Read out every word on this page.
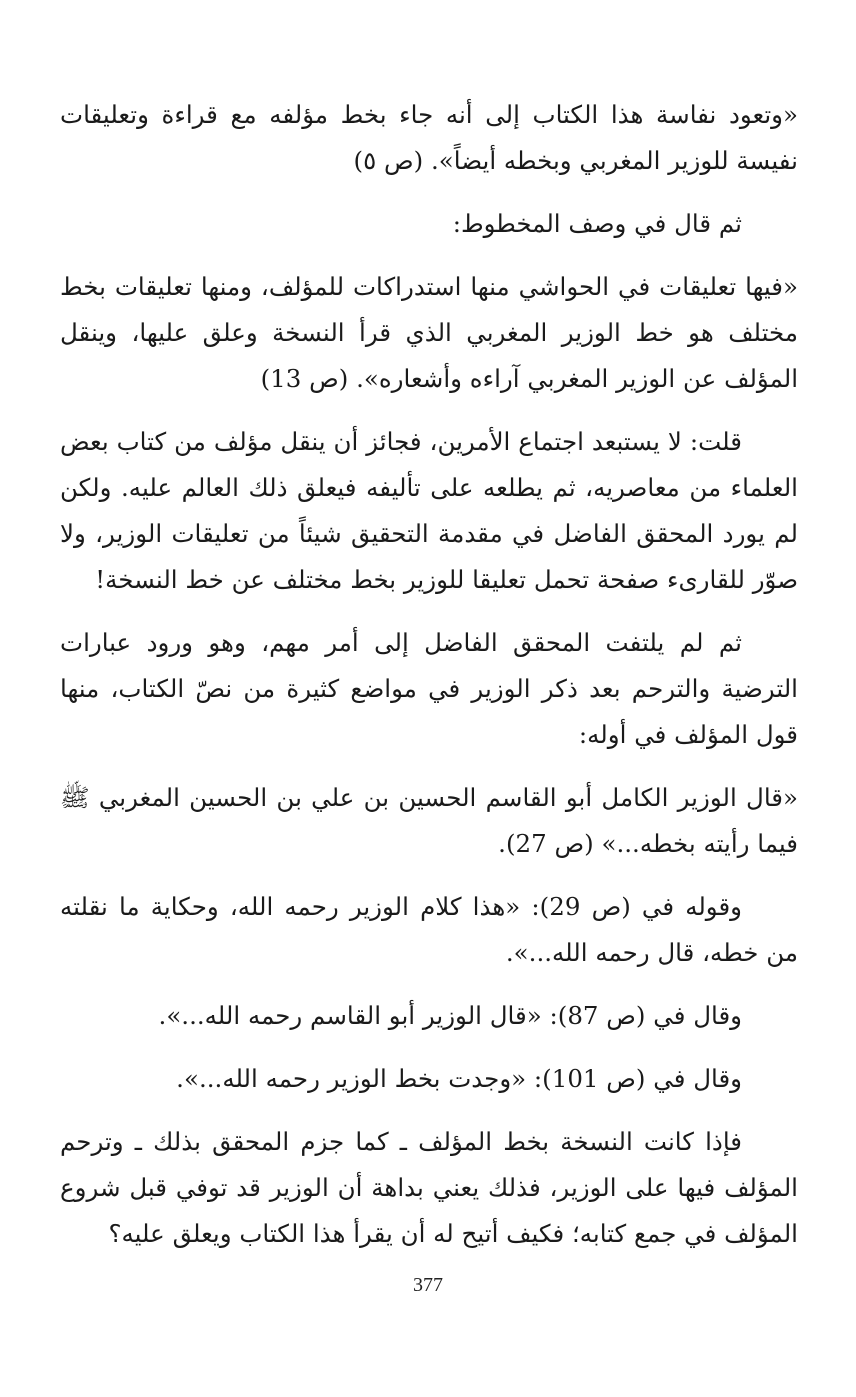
«وتعود نفاسة هذا الكتاب إلى أنه جاء بخط مؤلفه مع قراءة وتعليقات نفيسة للوزير المغربي وبخطه أيضاً». (ص ٥)

ثم قال في وصف المخطوط:

«فيها تعليقات في الحواشي منها استدراكات للمؤلف، ومنها تعليقات بخط مختلف هو خط الوزير المغربي الذي قرأ النسخة وعلق عليها، وينقل المؤلف عن الوزير المغربي آراءه وأشعاره». (ص 13)

قلت: لا يستبعد اجتماع الأمرين، فجائز أن ينقل مؤلف من كتاب بعض العلماء من معاصريه، ثم يطلعه على تأليفه فيعلق ذلك العالم عليه. ولكن لم يورد المحقق الفاضل في مقدمة التحقيق شيئاً من تعليقات الوزير، ولا صوّر للقارىء صفحة تحمل تعليقا للوزير بخط مختلف عن خط النسخة!

ثم لم يلتفت المحقق الفاضل إلى أمر مهم، وهو ورود عبارات الترضية والترحم بعد ذكر الوزير في مواضع كثيرة من نصّ الكتاب، منها قول المؤلف في أوله:

«قال الوزير الكامل أبو القاسم الحسين بن علي بن الحسين المغربي ﷺ فيما رأيته بخطه...» (ص 27).

وقوله في (ص 29): «هذا كلام الوزير رحمه الله، وحكاية ما نقلته من خطه، قال رحمه الله...».

وقال في (ص 87): «قال الوزير أبو القاسم رحمه الله...».

وقال في (ص 101): «وجدت بخط الوزير رحمه الله...».

فإذا كانت النسخة بخط المؤلف ـ كما جزم المحقق بذلك ـ وترحم المؤلف فيها على الوزير، فذلك يعني بداهة أن الوزير قد توفي قبل شروع المؤلف في جمع كتابه؛ فكيف أتيح له أن يقرأ هذا الكتاب ويعلق عليه؟

377
